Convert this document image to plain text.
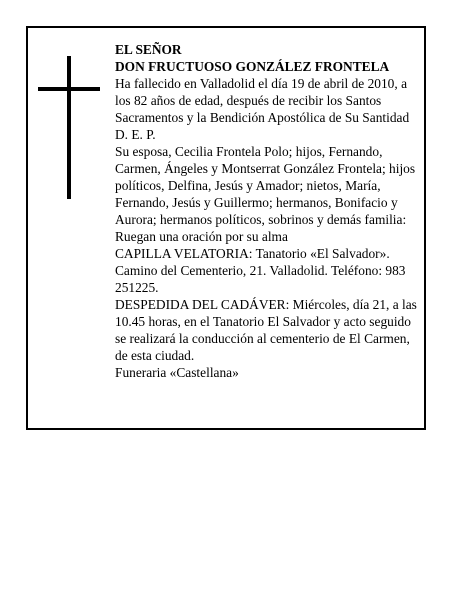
EL SEÑOR

DON FRUCTUOSO GONZÁLEZ FRONTELA

Ha fallecido en Valladolid el día 19 de abril de 2010, a los 82 años de edad, después de recibir los Santos Sacramentos y la Bendición Apostólica de Su Santidad D. E. P.

Su esposa, Cecilia Frontela Polo; hijos, Fernando, Carmen, Ángeles y Montserrat González Frontela; hijos políticos, Delfina, Jesús y Amador; nietos, María, Fernando, Jesús y Guillermo; hermanos, Bonifacio y Aurora; hermanos políticos, sobrinos y demás familia: Ruegan una oración por su alma

CAPILLA VELATORIA: Tanatorio «El Salvador». Camino del Cementerio, 21. Valladolid. Teléfono: 983 251225.

DESPEDIDA DEL CADÁVER: Miércoles, día 21, a las 10.45 horas, en el Tanatorio El Salvador y acto seguido se realizará la conducción al cementerio de El Carmen, de esta ciudad.

Funeraria «Castellana»
